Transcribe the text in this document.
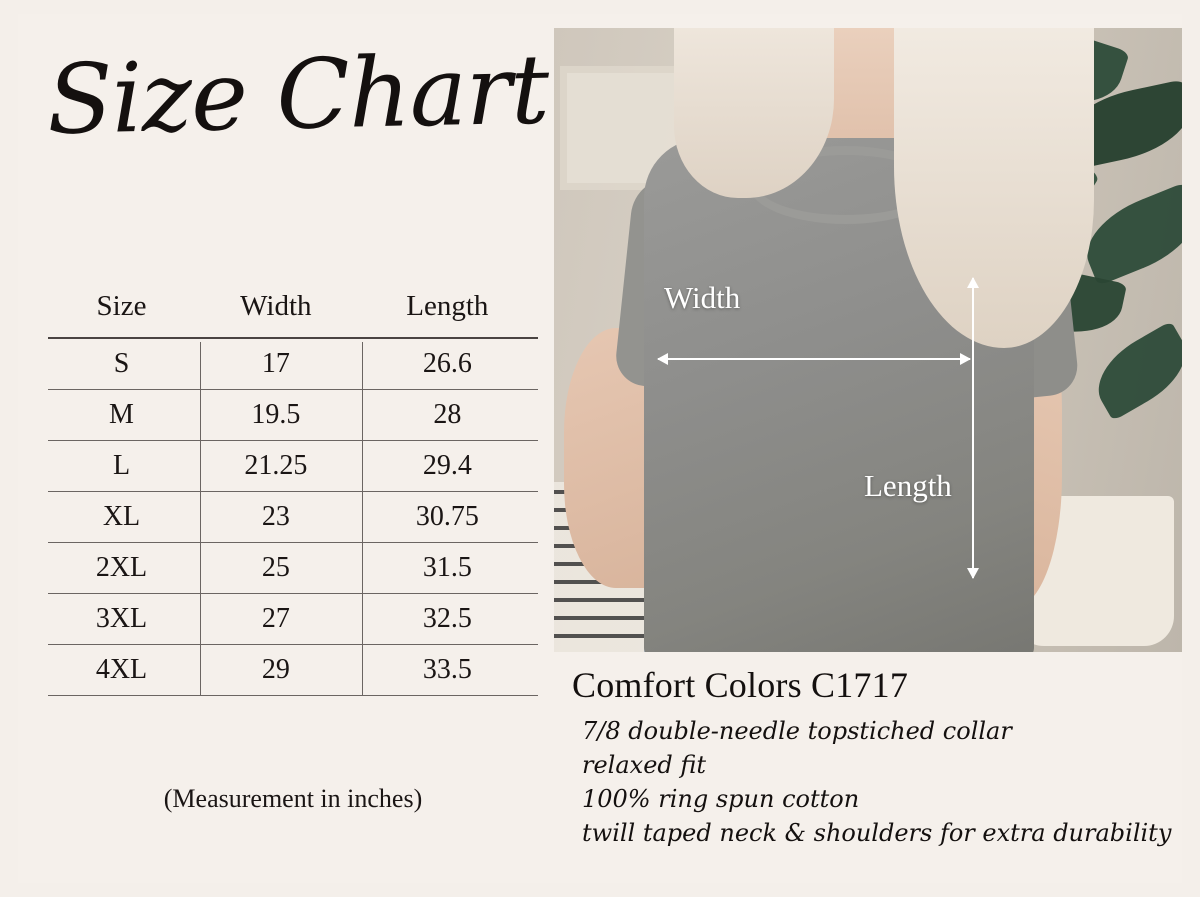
Size Chart
Size	Width	Length
S	17	26.6
M	19.5	28
L	21.25	29.4
XL	23	30.75
2XL	25	31.5
3XL	27	32.5
4XL	29	33.5
(Measurement in inches)
Width
Length
Comfort Colors C1717
7/8 double-needle topstiched collar
relaxed fit
100% ring spun cotton
twill taped neck & shoulders for extra durability
